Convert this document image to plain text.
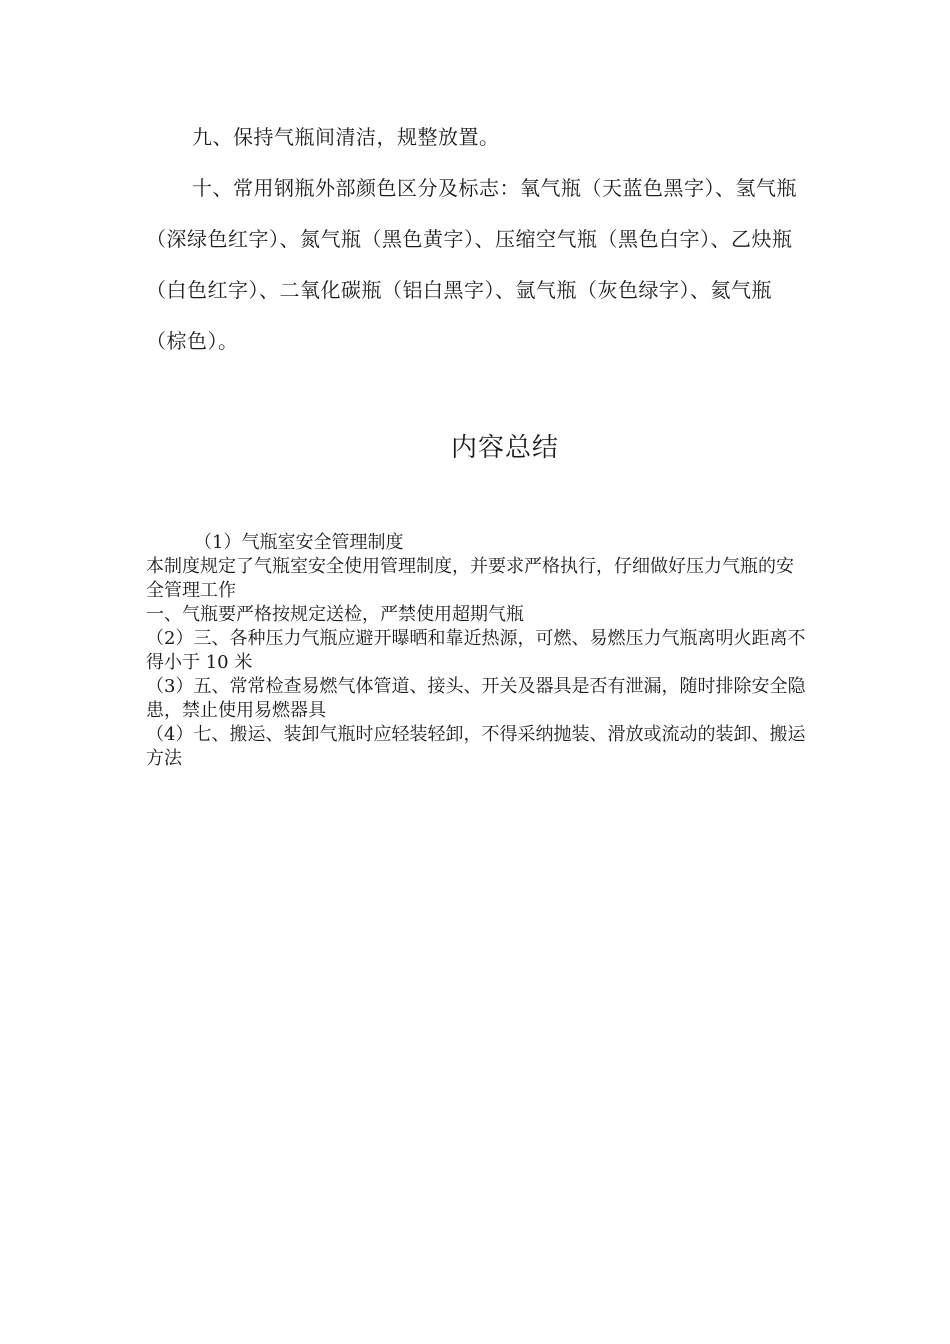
九、保持气瓶间清洁，规整放置。

十、常用钢瓶外部颜色区分及标志：氧气瓶（天蓝色黑字）、氢气瓶（深绿色红字）、氮气瓶（黑色黄字）、压缩空气瓶（黑色白字）、乙炔瓶（白色红字）、二氧化碳瓶（铝白黑字）、氩气瓶（灰色绿字）、氦气瓶（棕色）。

内容总结

（1）气瓶室安全管理制度

本制度规定了气瓶室安全使用管理制度，并要求严格执行，仔细做好压力气瓶的安全管理工作

一、气瓶要严格按规定送检，严禁使用超期气瓶

（2）三、各种压力气瓶应避开曝晒和靠近热源，可燃、易燃压力气瓶离明火距离不得小于 10 米

（3）五、常常检查易燃气体管道、接头、开关及器具是否有泄漏，随时排除安全隐患，禁止使用易燃器具

（4）七、搬运、装卸气瓶时应轻装轻卸，不得采纳抛装、滑放或流动的装卸、搬运方法
